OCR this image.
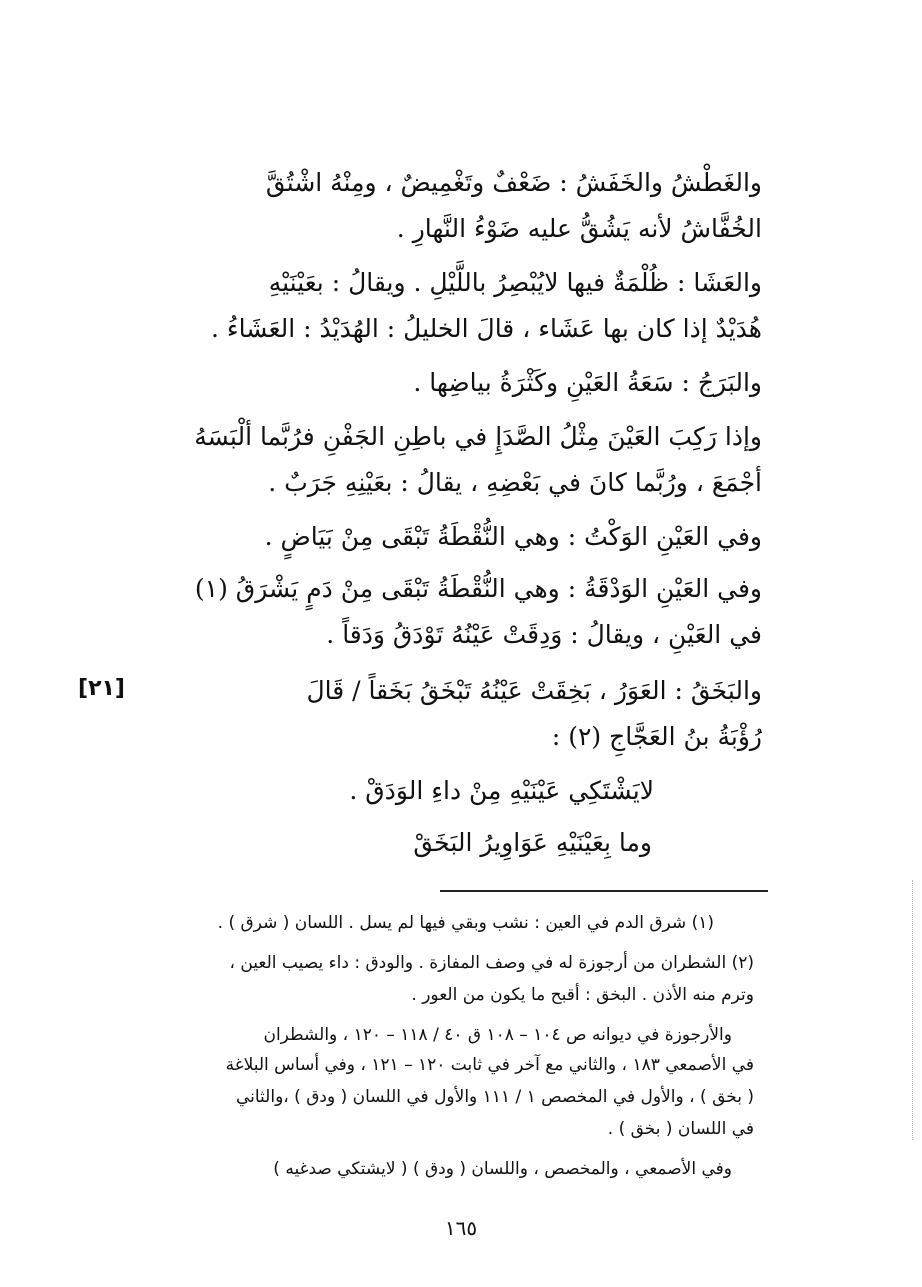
والغَطْشُ والخَفَشُ : ضَعْفٌ وتَغْمِيضٌ ، ومِنْهُ اشْتُقَّ
الخُفَّاشُ لأنه يَشُقُّ عليه ضَوْءُ النَّهارِ .
والعَشَا : ظُلْمَةٌ فيها لايُبْصِرُ باللَّيْلِ . ويقالُ : بعَيْنَيْهِ
هُدَيْدٌ إذا كان بها عَشَاء ، قالَ الخليلُ : الهُدَيْدُ : العَشَاءُ .
والبَرَجُ : سَعَةُ العَيْنِ وكَثْرَةُ بياضِها .
وإذا رَكِبَ العَيْنَ مِثْلُ الصَّدَإِ في باطِنِ الجَفْنِ فرُبَّما ألْبَسَهُ
أجْمَعَ ، ورُبَّما كانَ في بَعْضِهِ ، يقالُ : بعَيْنِهِ جَرَبٌ .
وفي العَيْنِ الوَكْتُ : وهي النُّقْطَةُ تَبْقَى مِنْ بَيَاضٍ .
وفي العَيْنِ الوَدْقَةُ : وهي النُّقْطَةُ تَبْقَى مِنْ دَمٍ يَشْرَقُ (١)
في العَيْنِ ، ويقالُ : وَدِقَتْ عَيْنُهُ تَوْدَقُ وَدَقاً .
والبَخَقُ : العَوَرُ ، بَخِقَتْ عَيْنُهُ تَبْخَقُ بَخَقاً / قَالَ
رُؤْبَةُ بنُ العَجَّاجِ (٢) :
[٢١]
لايَشْتَكِي عَيْنَيْهِ مِنْ داءِ الوَدَقْ .
وما بِعَيْنَيْهِ عَوَاوِيرُ البَخَقْ
(١) شرق الدم في العين : نشب وبقي فيها لم يسل . اللسان ( شرق ) .
(٢) الشطران من أرجوزة له في وصف المفازة . والودق : داء يصيب العين ،
وترم منه الأذن . البخق : أقبح ما يكون من العور .
والأرجوزة في ديوانه ص ١٠٤ – ١٠٨ ق ٤٠ / ١١٨ – ١٢٠ ، والشطران
في الأصمعي ١٨٣ ، والثاني مع آخر في ثابت ١٢٠ – ١٢١ ، وفي أساس البلاغة
( بخق ) ، والأول في المخصص ١ / ١١١ والأول في اللسان ( ودق ) ،والثاني
في اللسان ( بخق ) .
وفي الأصمعي ، والمخصص ، واللسان ( ودق ) ( لايشتكي صدغيه )
١٦٥
